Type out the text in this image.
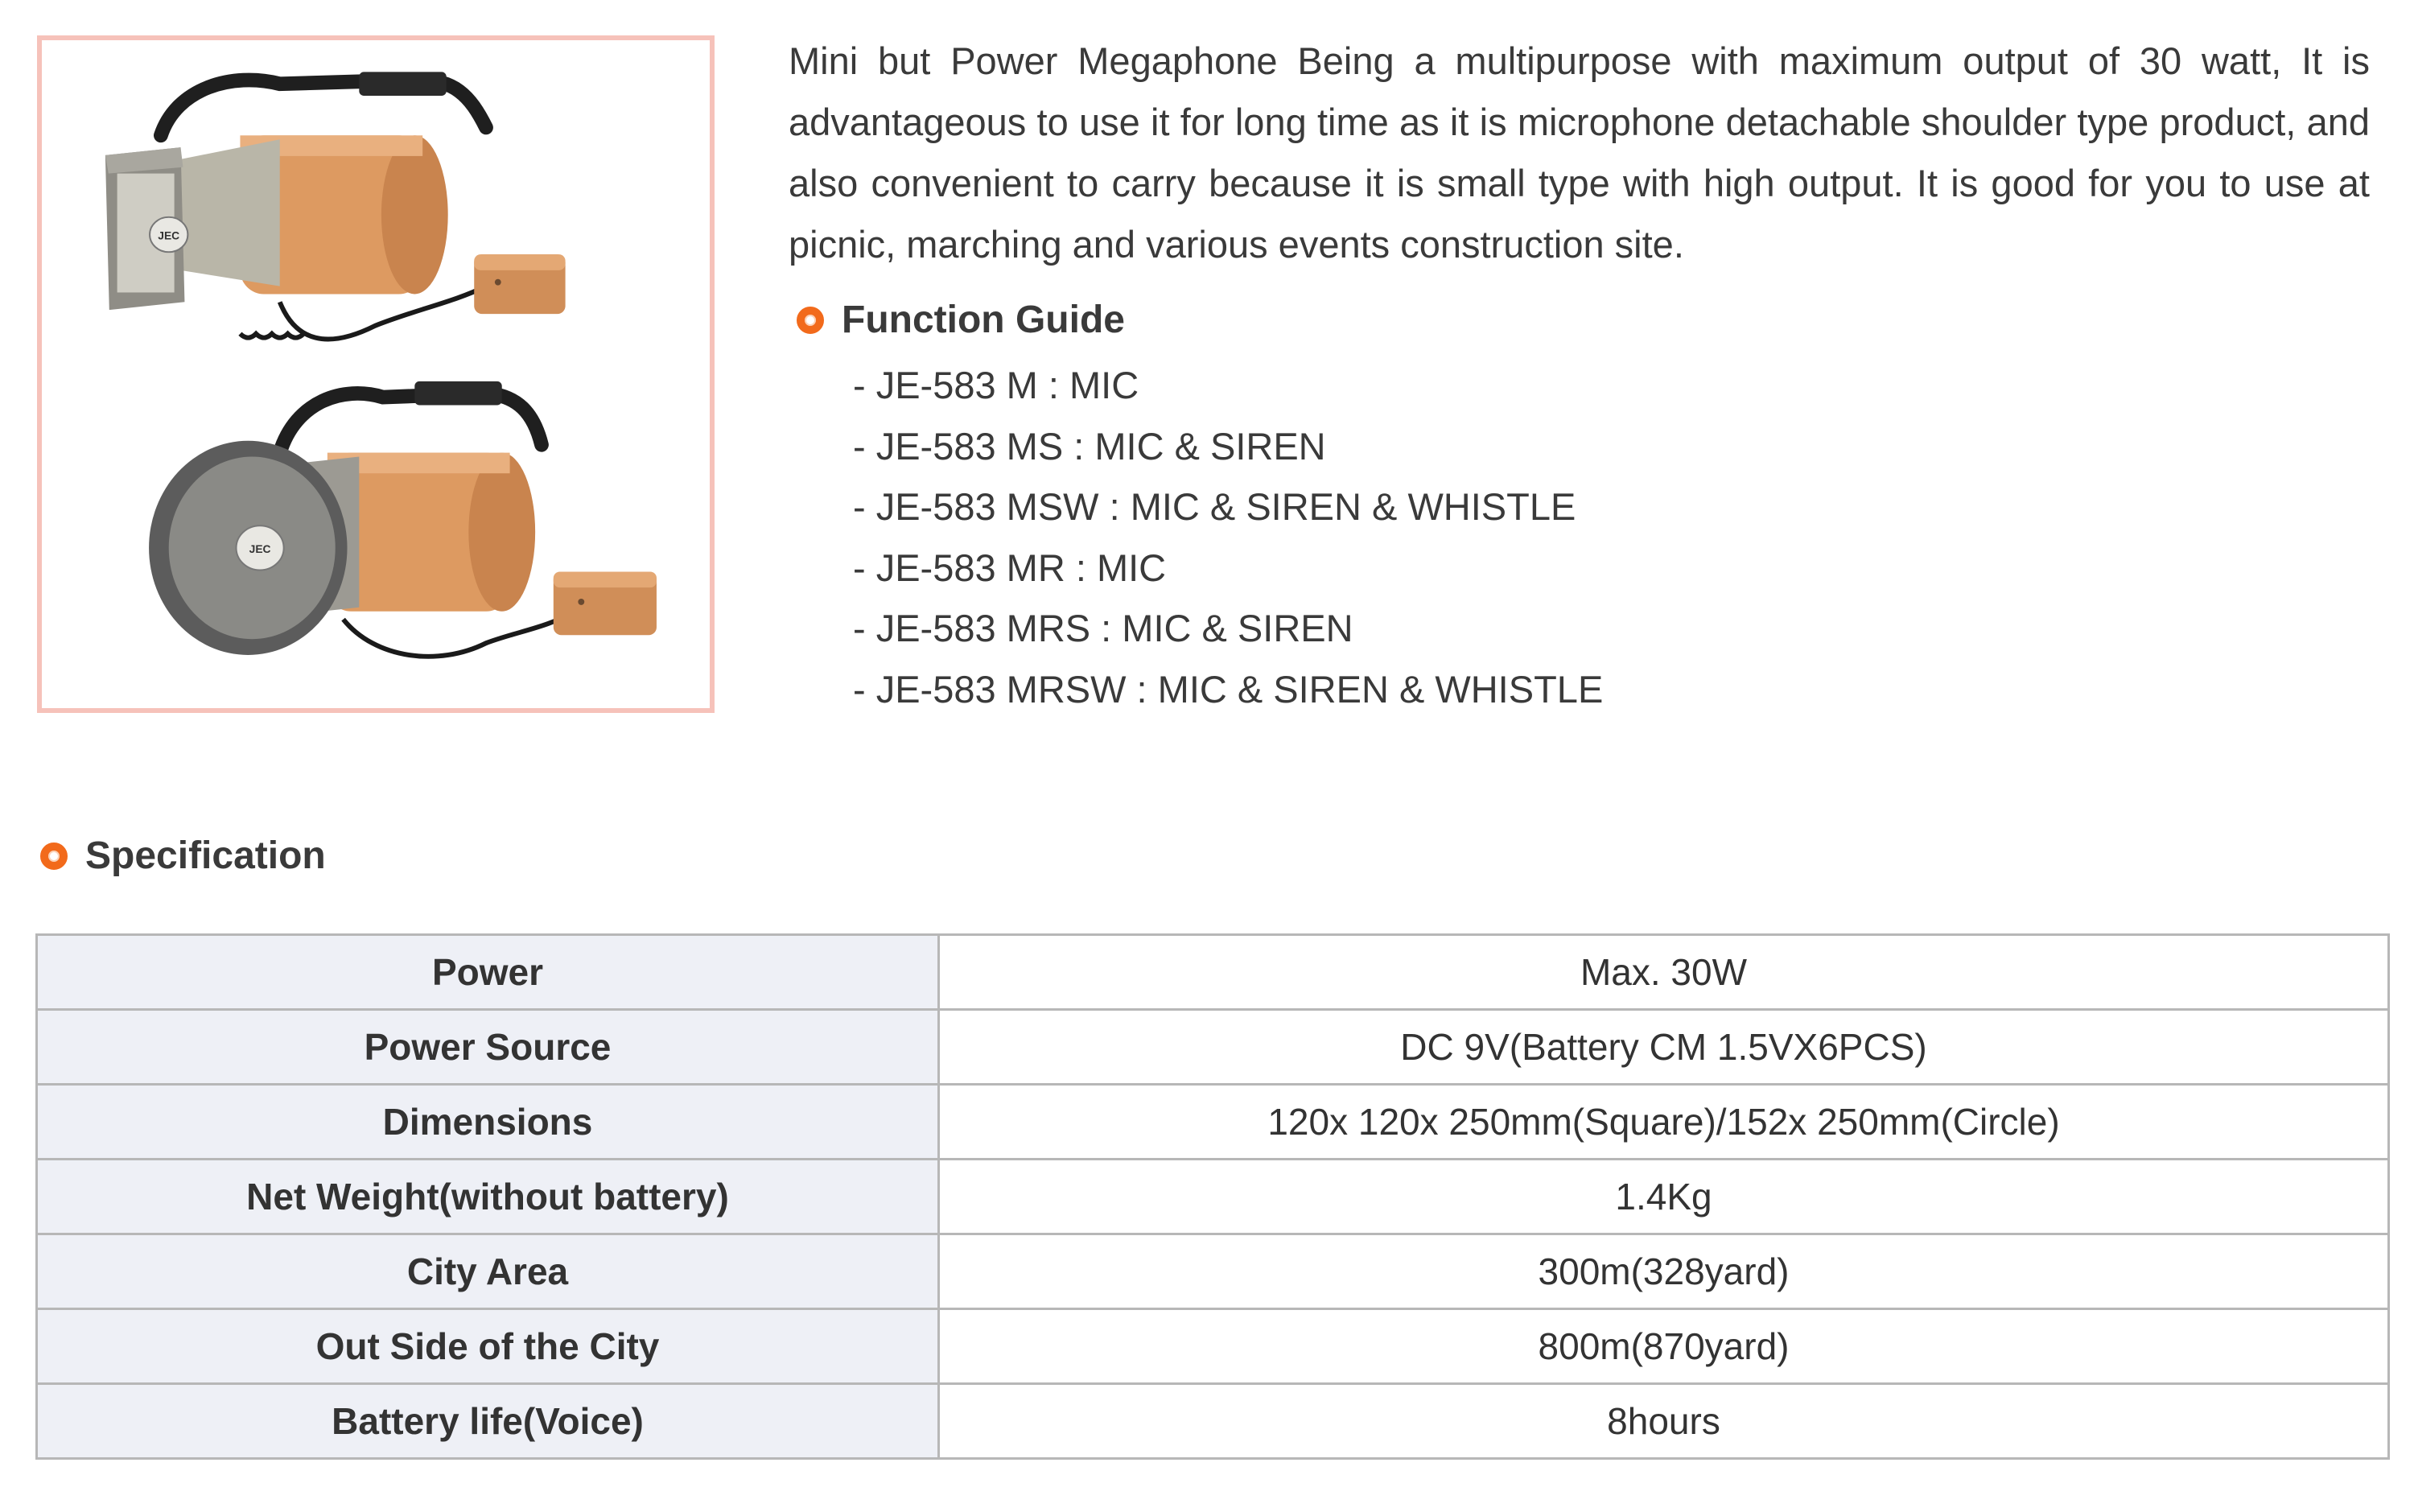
JEC
JEC

Mini but Power Megaphone Being a multipurpose with maximum output of 30 watt, It is advantageous to use it for long time as it is microphone detachable shoulder type product, and also convenient to carry because it is small type with high output. It is good for you to use at picnic, marching and various events construction site.

Function Guide
- JE-583 M : MIC
- JE-583 MS : MIC & SIREN
- JE-583 MSW : MIC & SIREN & WHISTLE
- JE-583 MR : MIC
- JE-583 MRS : MIC & SIREN
- JE-583 MRSW : MIC & SIREN & WHISTLE
Specification
Power	Max. 30W
Power Source	DC 9V(Battery CM 1.5VX6PCS)
Dimensions	120x 120x 250mm(Square)/152x 250mm(Circle)
Net Weight(without battery)	1.4Kg
City Area	300m(328yard)
Out Side of the City	800m(870yard)
Battery life(Voice)	8hours
